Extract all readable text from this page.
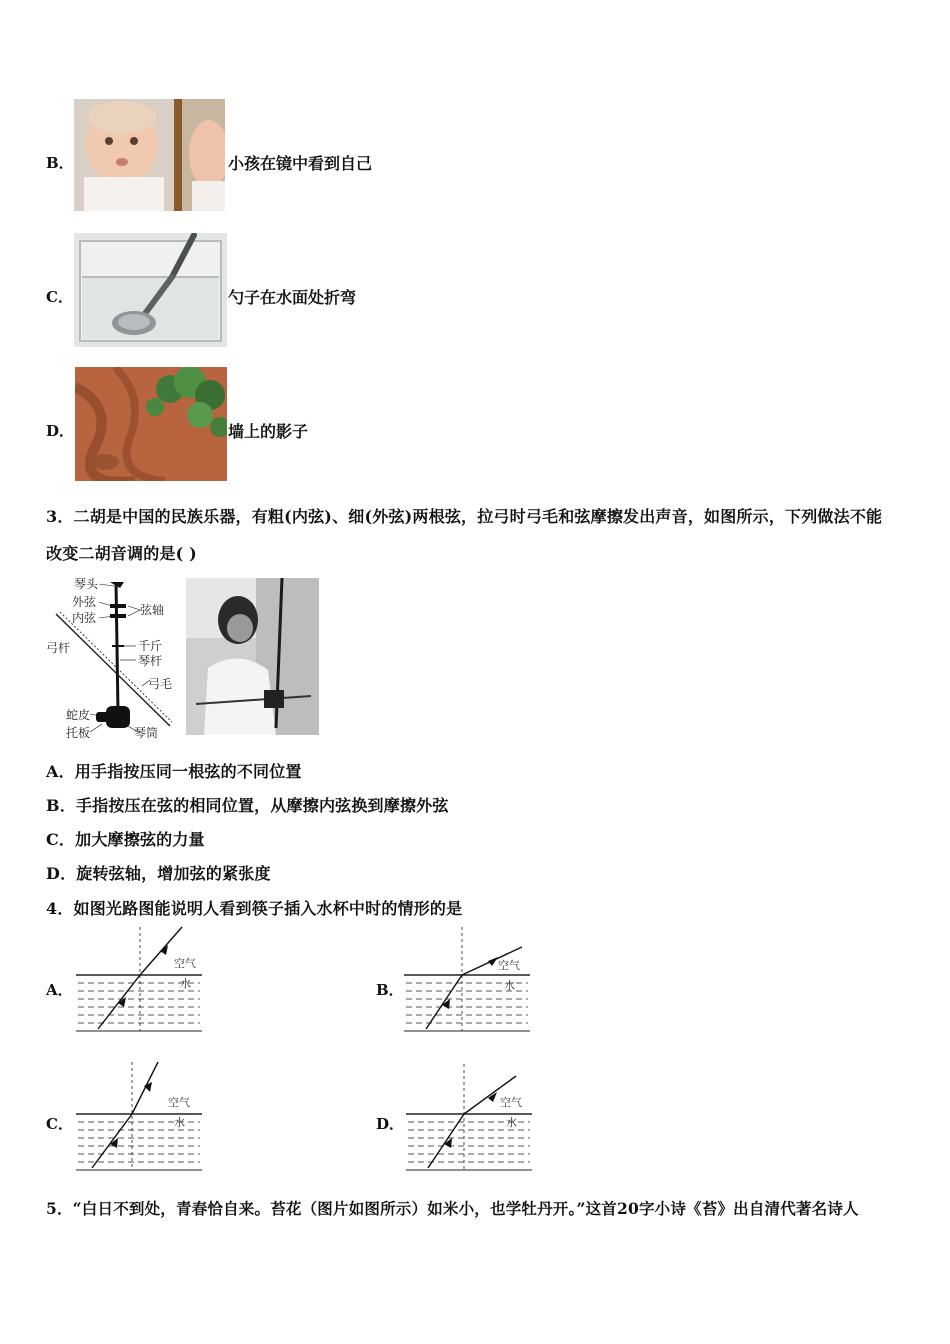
B．	小孩在镜中看到自己
C．	勺子在水面处折弯
D．	墙上的影子
3．二胡是中国的民族乐器，有粗(内弦)、细(外弦)两根弦，拉弓时弓毛和弦摩擦发出声音，如图所示，下列做法不能
改变二胡音调的是( )
琴头
外弦
内弦
弦轴
弓杆	千斤
琴杆
弓毛
蛇皮
托板	琴筒
A．用手指按压同一根弦的不同位置
B．手指按压在弦的相同位置，从摩擦内弦换到摩擦外弦
C．加大摩擦弦的力量
D．旋转弦轴，增加弦的紧张度
4．如图光路图能说明人看到筷子插入水杯中时的情形的是
A．
空气
水	B．
空气
水
C．
空气
水	D．
空气
水
5．“白日不到处，青春恰自来。苔花（图片如图所示）如米小，也学牡丹开。”这首20字小诗《苔》出自清代著名诗人
